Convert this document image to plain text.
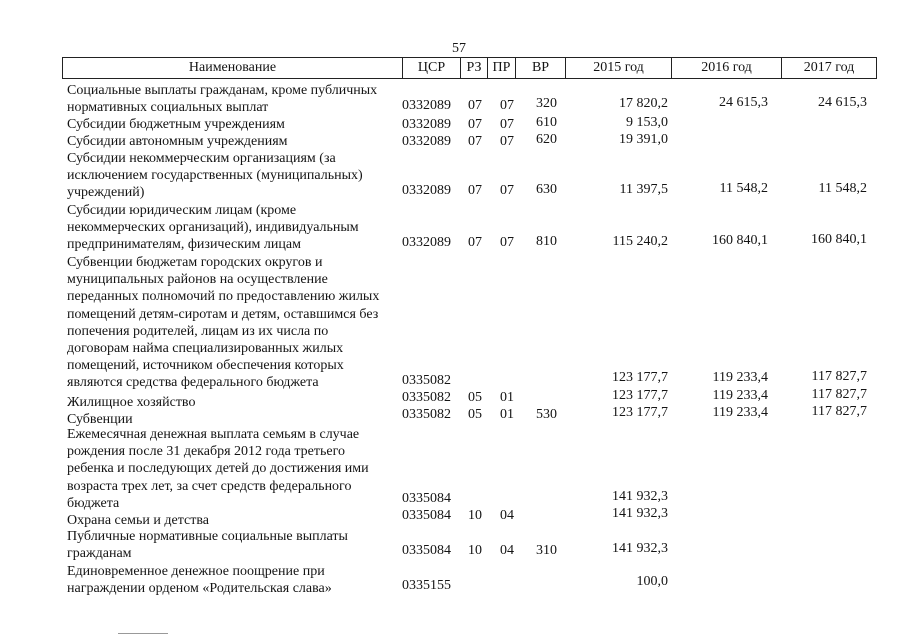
57
Наименование	ЦСР	РЗ ПР	ВР	2015 год	2016 год	2017 год
Социальные выплаты гражданам, кроме публичных нормативных социальных выплат	0332089 07 07 320	17 820,2	24 615,3	24 615,3
Субсидии бюджетным учреждениям	0332089 07 07 610	9 153,0
Субсидии автономным учреждениям	0332089 07 07 620	19 391,0
Субсидии некоммерческим организациям (за исключением государственных (муниципальных) учреждений)	0332089 07 07 630	11 397,5	11 548,2	11 548,2
Субсидии юридическим лицам (кроме некоммерческих организаций), индивидуальным предпринимателям, физическим лицам	0332089 07 07 810	115 240,2	160 840,1	160 840,1
Субвенции бюджетам городских округов и муниципальных районов на осуществление переданных полномочий по предоставлению жилых помещений детям-сиротам и детям, оставшимся без попечения родителей, лицам из их числа по договорам найма специализированных жилых помещений, источником обеспечения которых являются средства федерального бюджета	0335082	123 177,7	119 233,4	117 827,7
Жилищное хозяйство	0335082 05 01	123 177,7	119 233,4	117 827,7
Субвенции	0335082 05 01 530	123 177,7	119 233,4	117 827,7
Ежемесячная денежная выплата семьям в случае рождения после 31 декабря 2012 года третьего ребенка и последующих детей до достижения ими возраста трех лет, за счет средств федерального бюджета	0335084	141 932,3
Охрана семьи и детства	0335084 10 04	141 932,3
Публичные нормативные социальные выплаты гражданам	0335084 10 04 310	141 932,3
Единовременное денежное поощрение при награждении орденом «Родительская слава»	0335155	100,0
